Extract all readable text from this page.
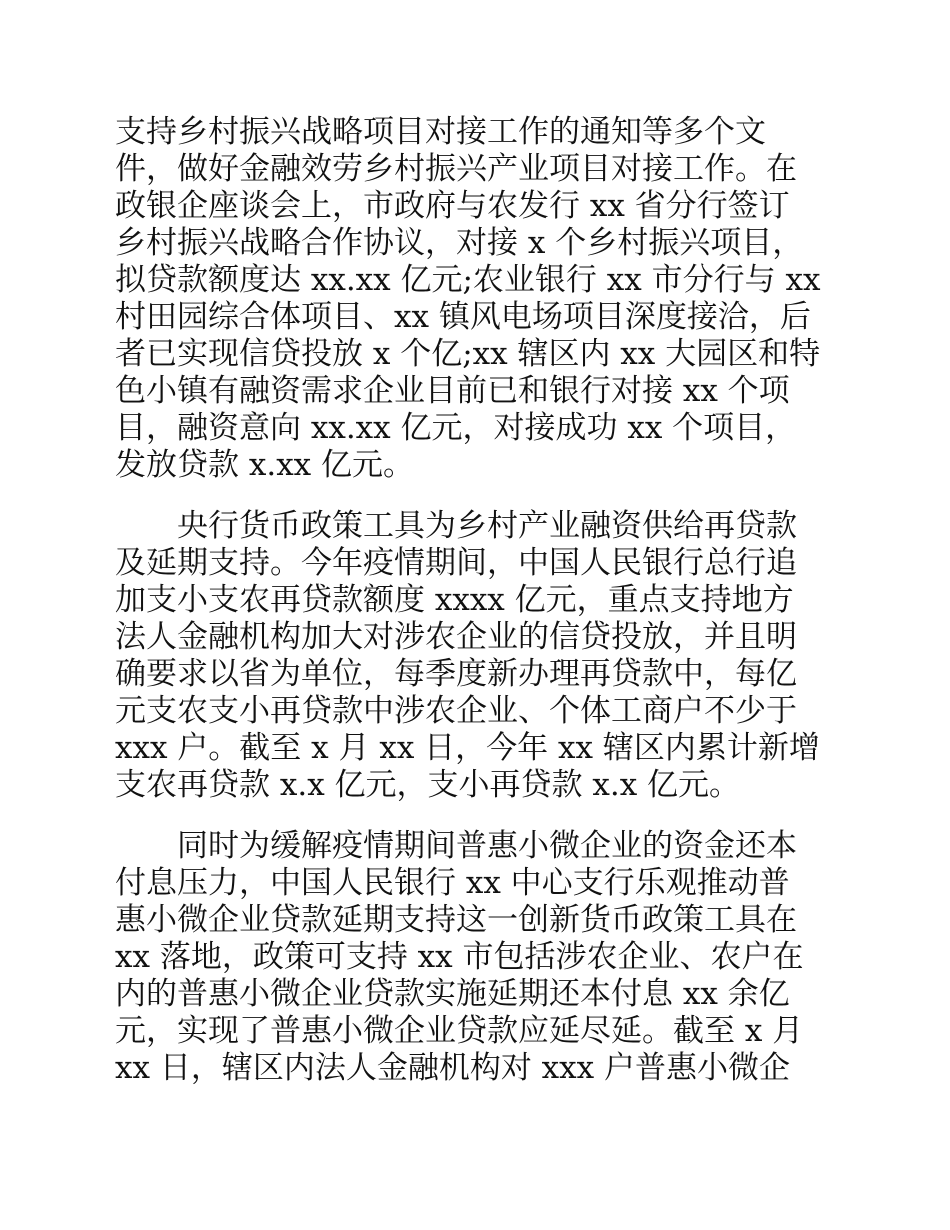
支持乡村振兴战略项目对接工作的通知等多个文
件，做好金融效劳乡村振兴产业项目对接工作。在
政银企座谈会上，市政府与农发行 xx 省分行签订
乡村振兴战略合作协议，对接 x 个乡村振兴项目，
拟贷款额度达 xx.xx 亿元;农业银行 xx 市分行与 xx
村田园综合体项目、xx 镇风电场项目深度接洽，后
者已实现信贷投放 x 个亿;xx 辖区内 xx 大园区和特
色小镇有融资需求企业目前已和银行对接 xx 个项
目，融资意向 xx.xx 亿元，对接成功 xx 个项目，
发放贷款 x.xx 亿元。
　　央行货币政策工具为乡村产业融资供给再贷款
及延期支持。今年疫情期间，中国人民银行总行追
加支小支农再贷款额度 xxxx 亿元，重点支持地方
法人金融机构加大对涉农企业的信贷投放，并且明
确要求以省为单位，每季度新办理再贷款中，每亿
元支农支小再贷款中涉农企业、个体工商户不少于
xxx 户。截至 x 月 xx 日，今年 xx 辖区内累计新增
支农再贷款 x.x 亿元，支小再贷款 x.x 亿元。
　　同时为缓解疫情期间普惠小微企业的资金还本
付息压力，中国人民银行 xx 中心支行乐观推动普
惠小微企业贷款延期支持这一创新货币政策工具在
xx 落地，政策可支持 xx 市包括涉农企业、农户在
内的普惠小微企业贷款实施延期还本付息 xx 余亿
元，实现了普惠小微企业贷款应延尽延。截至 x 月
xx 日，辖区内法人金融机构对 xxx 户普惠小微企
